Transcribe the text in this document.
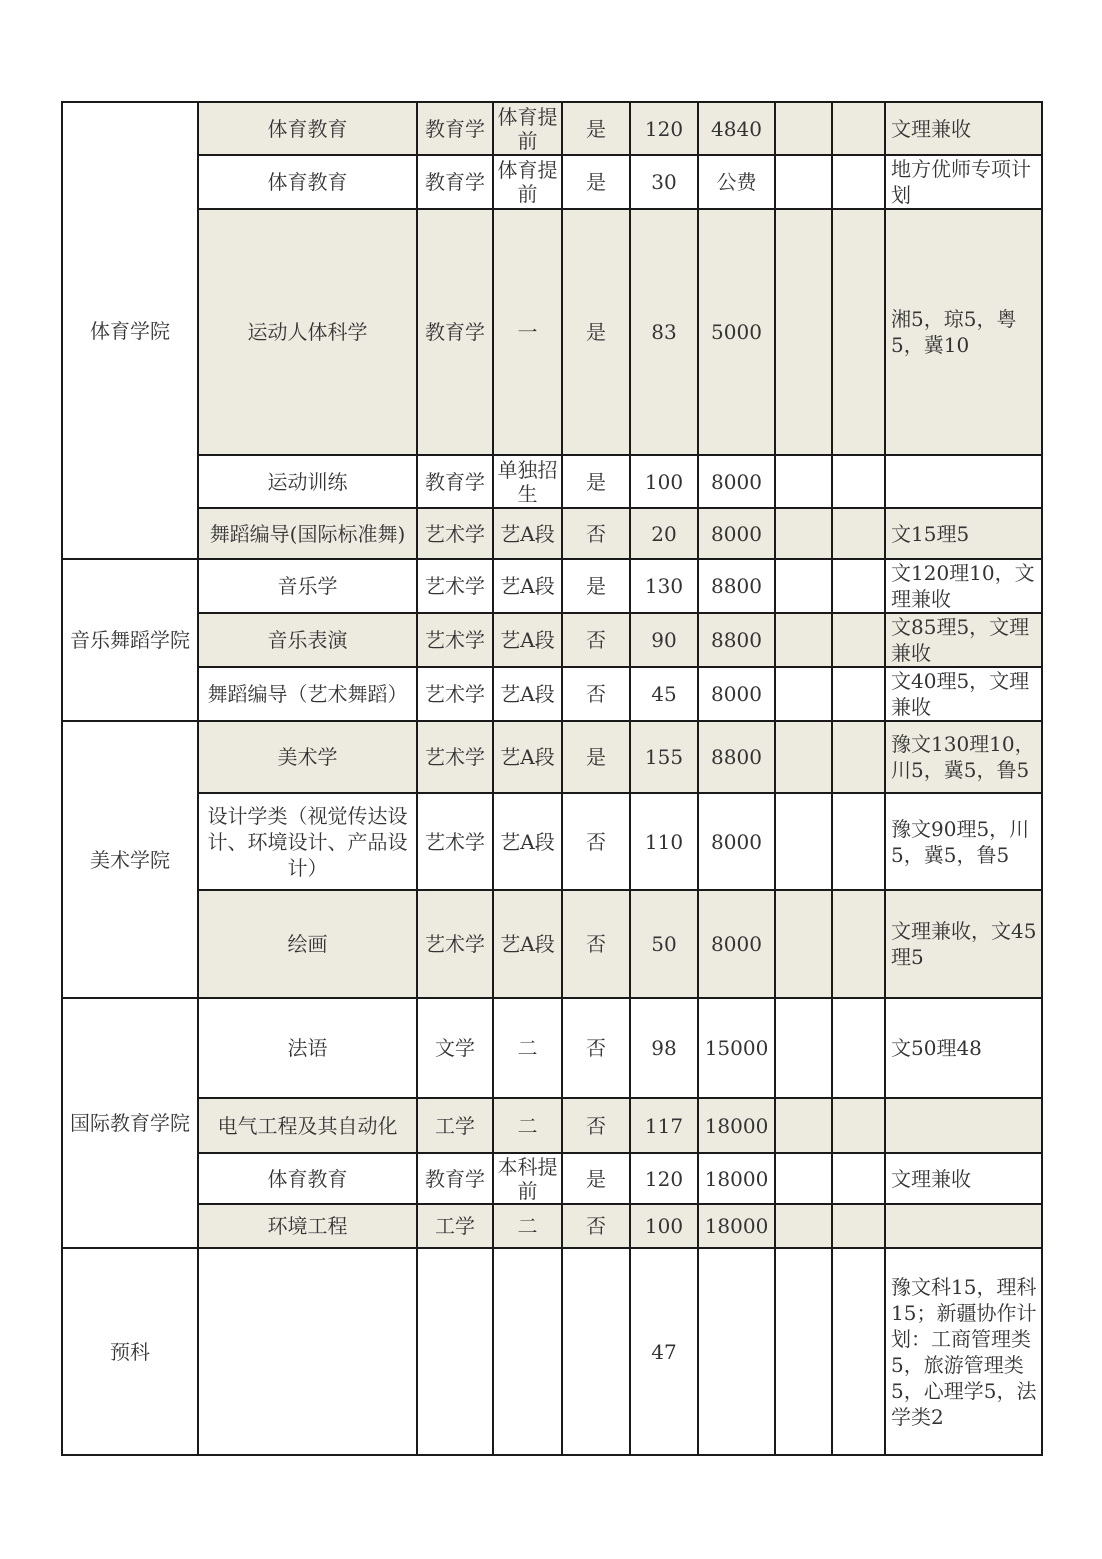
体育学院	体育教育	教育学	体育提前	是	120	4840			文理兼收
	体育教育	教育学	体育提前	是	30	公费			地方优师专项计划
	运动人体科学	教育学	一	是	83	5000			湘5，琼5，粤5，冀10
	运动训练	教育学	单独招生	是	100	8000			
	舞蹈编导(国际标准舞)	艺术学	艺A段	否	20	8000			文15理5
音乐舞蹈学院	音乐学	艺术学	艺A段	是	130	8800			文120理10，文理兼收
	音乐表演	艺术学	艺A段	否	90	8800			文85理5，文理兼收
	舞蹈编导（艺术舞蹈）	艺术学	艺A段	否	45	8000			文40理5，文理兼收
美术学院	美术学	艺术学	艺A段	是	155	8800			豫文130理10，川5，冀5，鲁5
	设计学类（视觉传达设计、环境设计、产品设计）	艺术学	艺A段	否	110	8000			豫文90理5，川5，冀5，鲁5
	绘画	艺术学	艺A段	否	50	8000			文理兼收，文45理5
国际教育学院	法语	文学	二	否	98	15000			文50理48
	电气工程及其自动化	工学	二	否	117	18000			
	体育教育	教育学	本科提前	是	120	18000			文理兼收
	环境工程	工学	二	否	100	18000			
预科					47				豫文科15，理科15；新疆协作计划：工商管理类5，旅游管理类5，心理学5，法学类2
